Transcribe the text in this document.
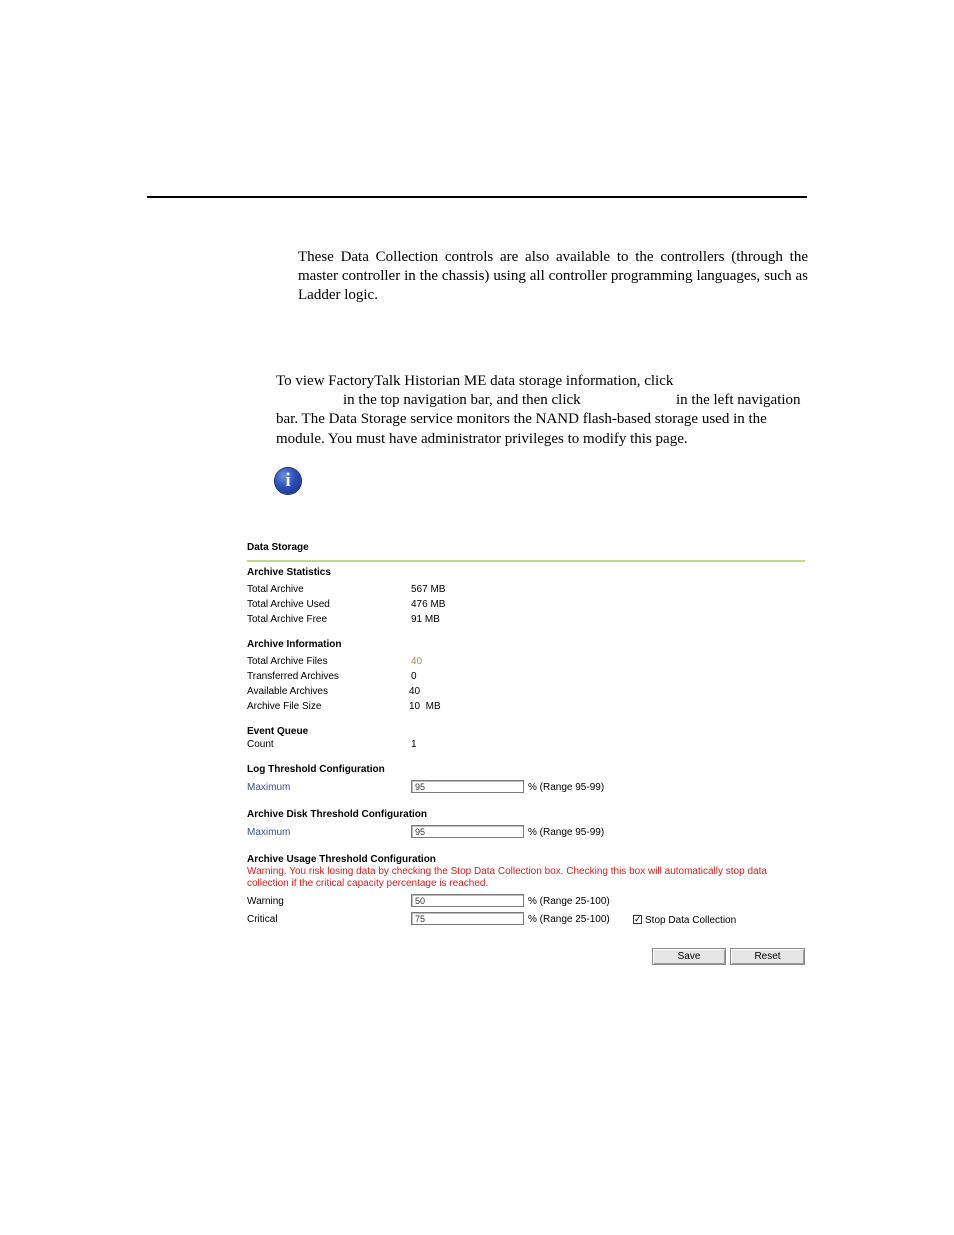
These Data Collection controls are also available to the controllers (through the master controller in the chassis) using all controller programming languages, such as Ladder logic.

To view FactoryTalk Historian ME data storage information, click
in the top navigation bar, and then click	in the left navigation
bar. The Data Storage service monitors the NAND flash-based storage used in the
module. You must have administrator privileges to modify this page.
i
Data Storage
Archive Statistics
Total Archive	567 MB
Total Archive Used	476 MB
Total Archive Free	91 MB
Archive Information
Total Archive Files	40
Transferred Archives	0
Available Archives	40
Archive File Size	10  MB
Event Queue
Count	1
Log Threshold Configuration
Maximum	95	% (Range 95-99)
Archive Disk Threshold Configuration
Maximum	95	% (Range 95-99)
Archive Usage Threshold Configuration
Warning. You risk losing data by checking the Stop Data Collection box. Checking this box will automatically stop data
collection if the critical capacity percentage is reached.
Warning	50	% (Range 25-100)
Critical	75	% (Range 25-100)	✓ Stop Data Collection
Save	Reset
